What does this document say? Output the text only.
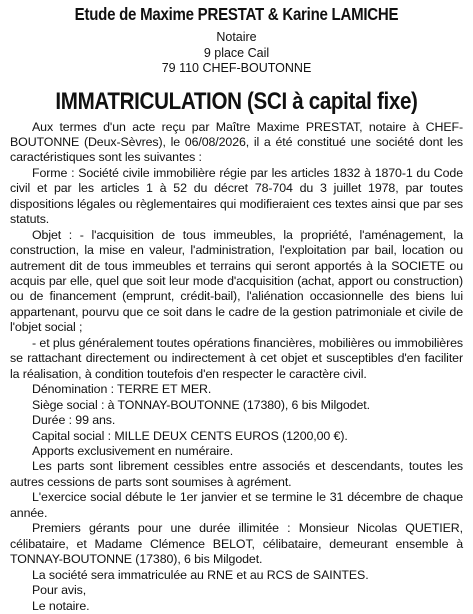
Etude de Maxime PRESTAT & Karine LAMICHE

Notaire

9 place Cail

79 110 CHEF-BOUTONNE

IMMATRICULATION (SCI à capital fixe)

Aux termes d'un acte reçu par Maître Maxime PRESTAT, notaire à CHEF-BOUTONNE (Deux-Sèvres), le 06/08/2026, il a été constitué une société dont les caractéristiques sont les suivantes :

Forme : Société civile immobilière régie par les articles 1832 à 1870-1 du Code civil et par les articles 1 à 52 du décret 78-704 du 3 juillet 1978, par toutes dispositions légales ou règlementaires qui modifieraient ces textes ainsi que par ses statuts.

Objet : - l'acquisition de tous immeubles, la propriété, l'aménagement, la construction, la mise en valeur, l'administration, l'exploitation par bail, location ou autrement dit de tous immeubles et terrains qui seront apportés à la SOCIETE ou acquis par elle, quel que soit leur mode d'acquisition (achat, apport ou construction) ou de financement (emprunt, crédit-bail), l'aliénation occasionnelle des biens lui appartenant, pourvu que ce soit dans le cadre de la gestion patrimoniale et civile de l'objet social ;

- et plus généralement toutes opérations financières, mobilières ou immobilières se rattachant directement ou indirectement à cet objet et susceptibles d'en faciliter la réalisation, à condition toutefois d'en respecter le caractère civil.

Dénomination : TERRE ET MER.

Siège social : à TONNAY-BOUTONNE (17380), 6 bis Milgodet.

Durée : 99 ans.

Capital social : MILLE DEUX CENTS EUROS (1200,00 €).

Apports exclusivement en numéraire.

Les parts sont librement cessibles entre associés et descendants, toutes les autres cessions de parts sont soumises à agrément.

L'exercice social débute le 1er janvier et se termine le 31 décembre de chaque année.

Premiers gérants pour une durée illimitée : Monsieur Nicolas QUETIER, célibataire, et Madame Clémence BELOT, célibataire, demeurant ensemble à TONNAY-BOUTONNE (17380), 6 bis Milgodet.

La société sera immatriculée au RNE et au RCS de SAINTES.

Pour avis,

Le notaire.
